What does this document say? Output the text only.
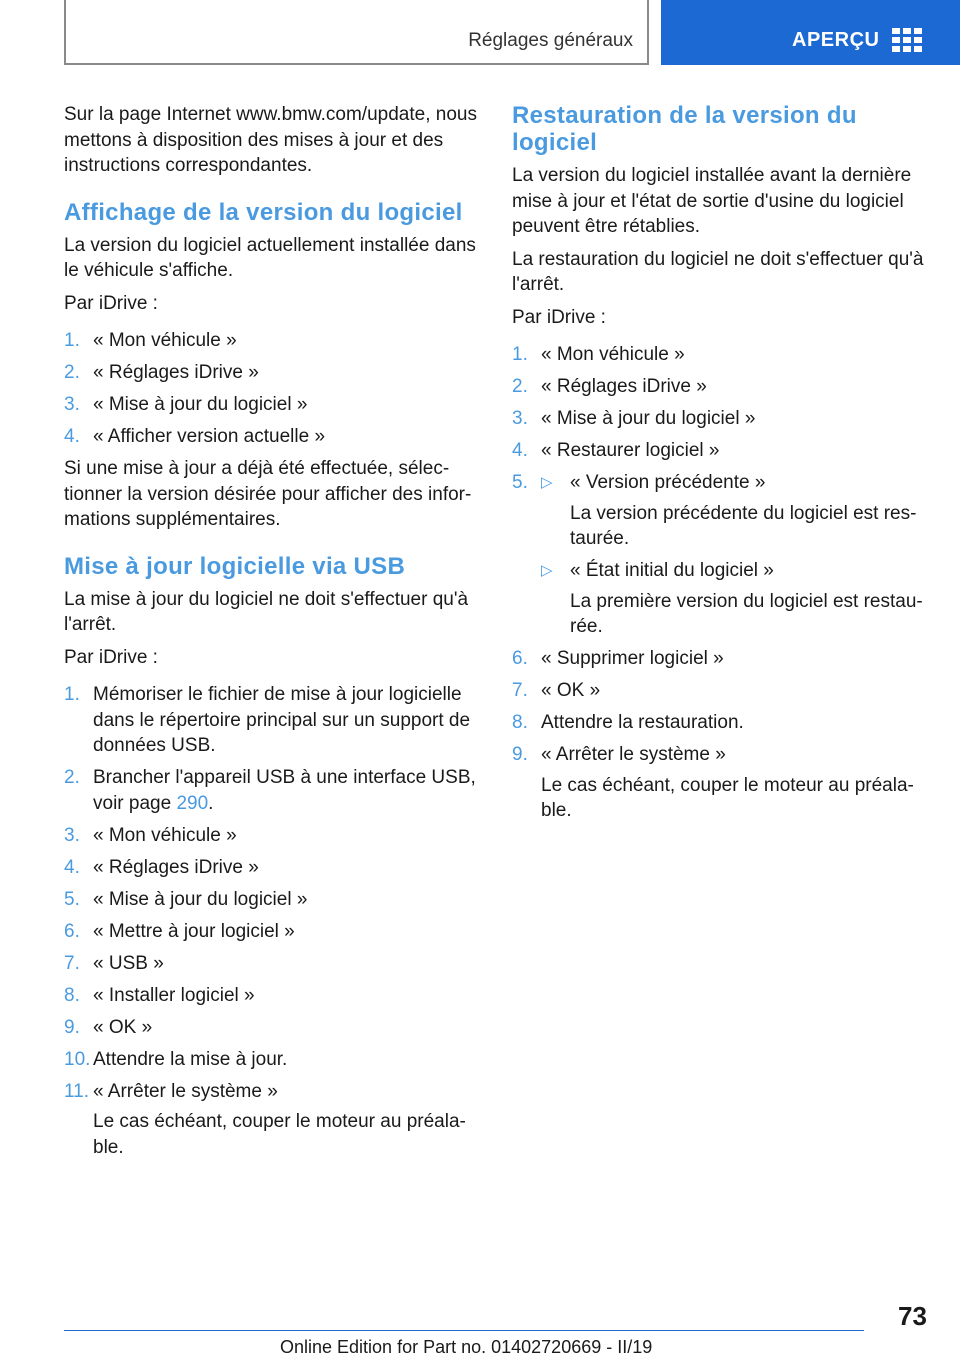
Réglages généraux	APERÇU

Sur la page Internet www.bmw.com/update, nous mettons à disposition des mises à jour et des instructions correspondantes.

Affichage de la version du logiciel

La version du logiciel actuellement installée dans le véhicule s'affiche.

Par iDrive :

1. « Mon véhicule »
2. « Réglages iDrive »
3. « Mise à jour du logiciel »
4. « Afficher version actuelle »

Si une mise à jour a déjà été effectuée, sélectionner la version désirée pour afficher des informations supplémentaires.

Mise à jour logicielle via USB

La mise à jour du logiciel ne doit s'effectuer qu'à l'arrêt.

Par iDrive :

1. Mémoriser le fichier de mise à jour logicielle dans le répertoire principal sur un support de données USB.
2. Brancher l'appareil USB à une interface USB, voir page 290.
3. « Mon véhicule »
4. « Réglages iDrive »
5. « Mise à jour du logiciel »
6. « Mettre à jour logiciel »
7. « USB »
8. « Installer logiciel »
9. « OK »
10. Attendre la mise à jour.
11. « Arrêter le système »
Le cas échéant, couper le moteur au préalable.
Restauration de la version du logiciel

La version du logiciel installée avant la dernière mise à jour et l'état de sortie d'usine du logiciel peuvent être rétablies.

La restauration du logiciel ne doit s'effectuer qu'à l'arrêt.

Par iDrive :

1. « Mon véhicule »
2. « Réglages iDrive »
3. « Mise à jour du logiciel »
4. « Restaurer logiciel »
5. ▷ « Version précédente »
La version précédente du logiciel est restaurée.
▷ « État initial du logiciel »
La première version du logiciel est restaurée.
6. « Supprimer logiciel »
7. « OK »
8. Attendre la restauration.
9. « Arrêter le système »
Le cas échéant, couper le moteur au préalable.
73
Online Edition for Part no. 01402720669 - II/19
